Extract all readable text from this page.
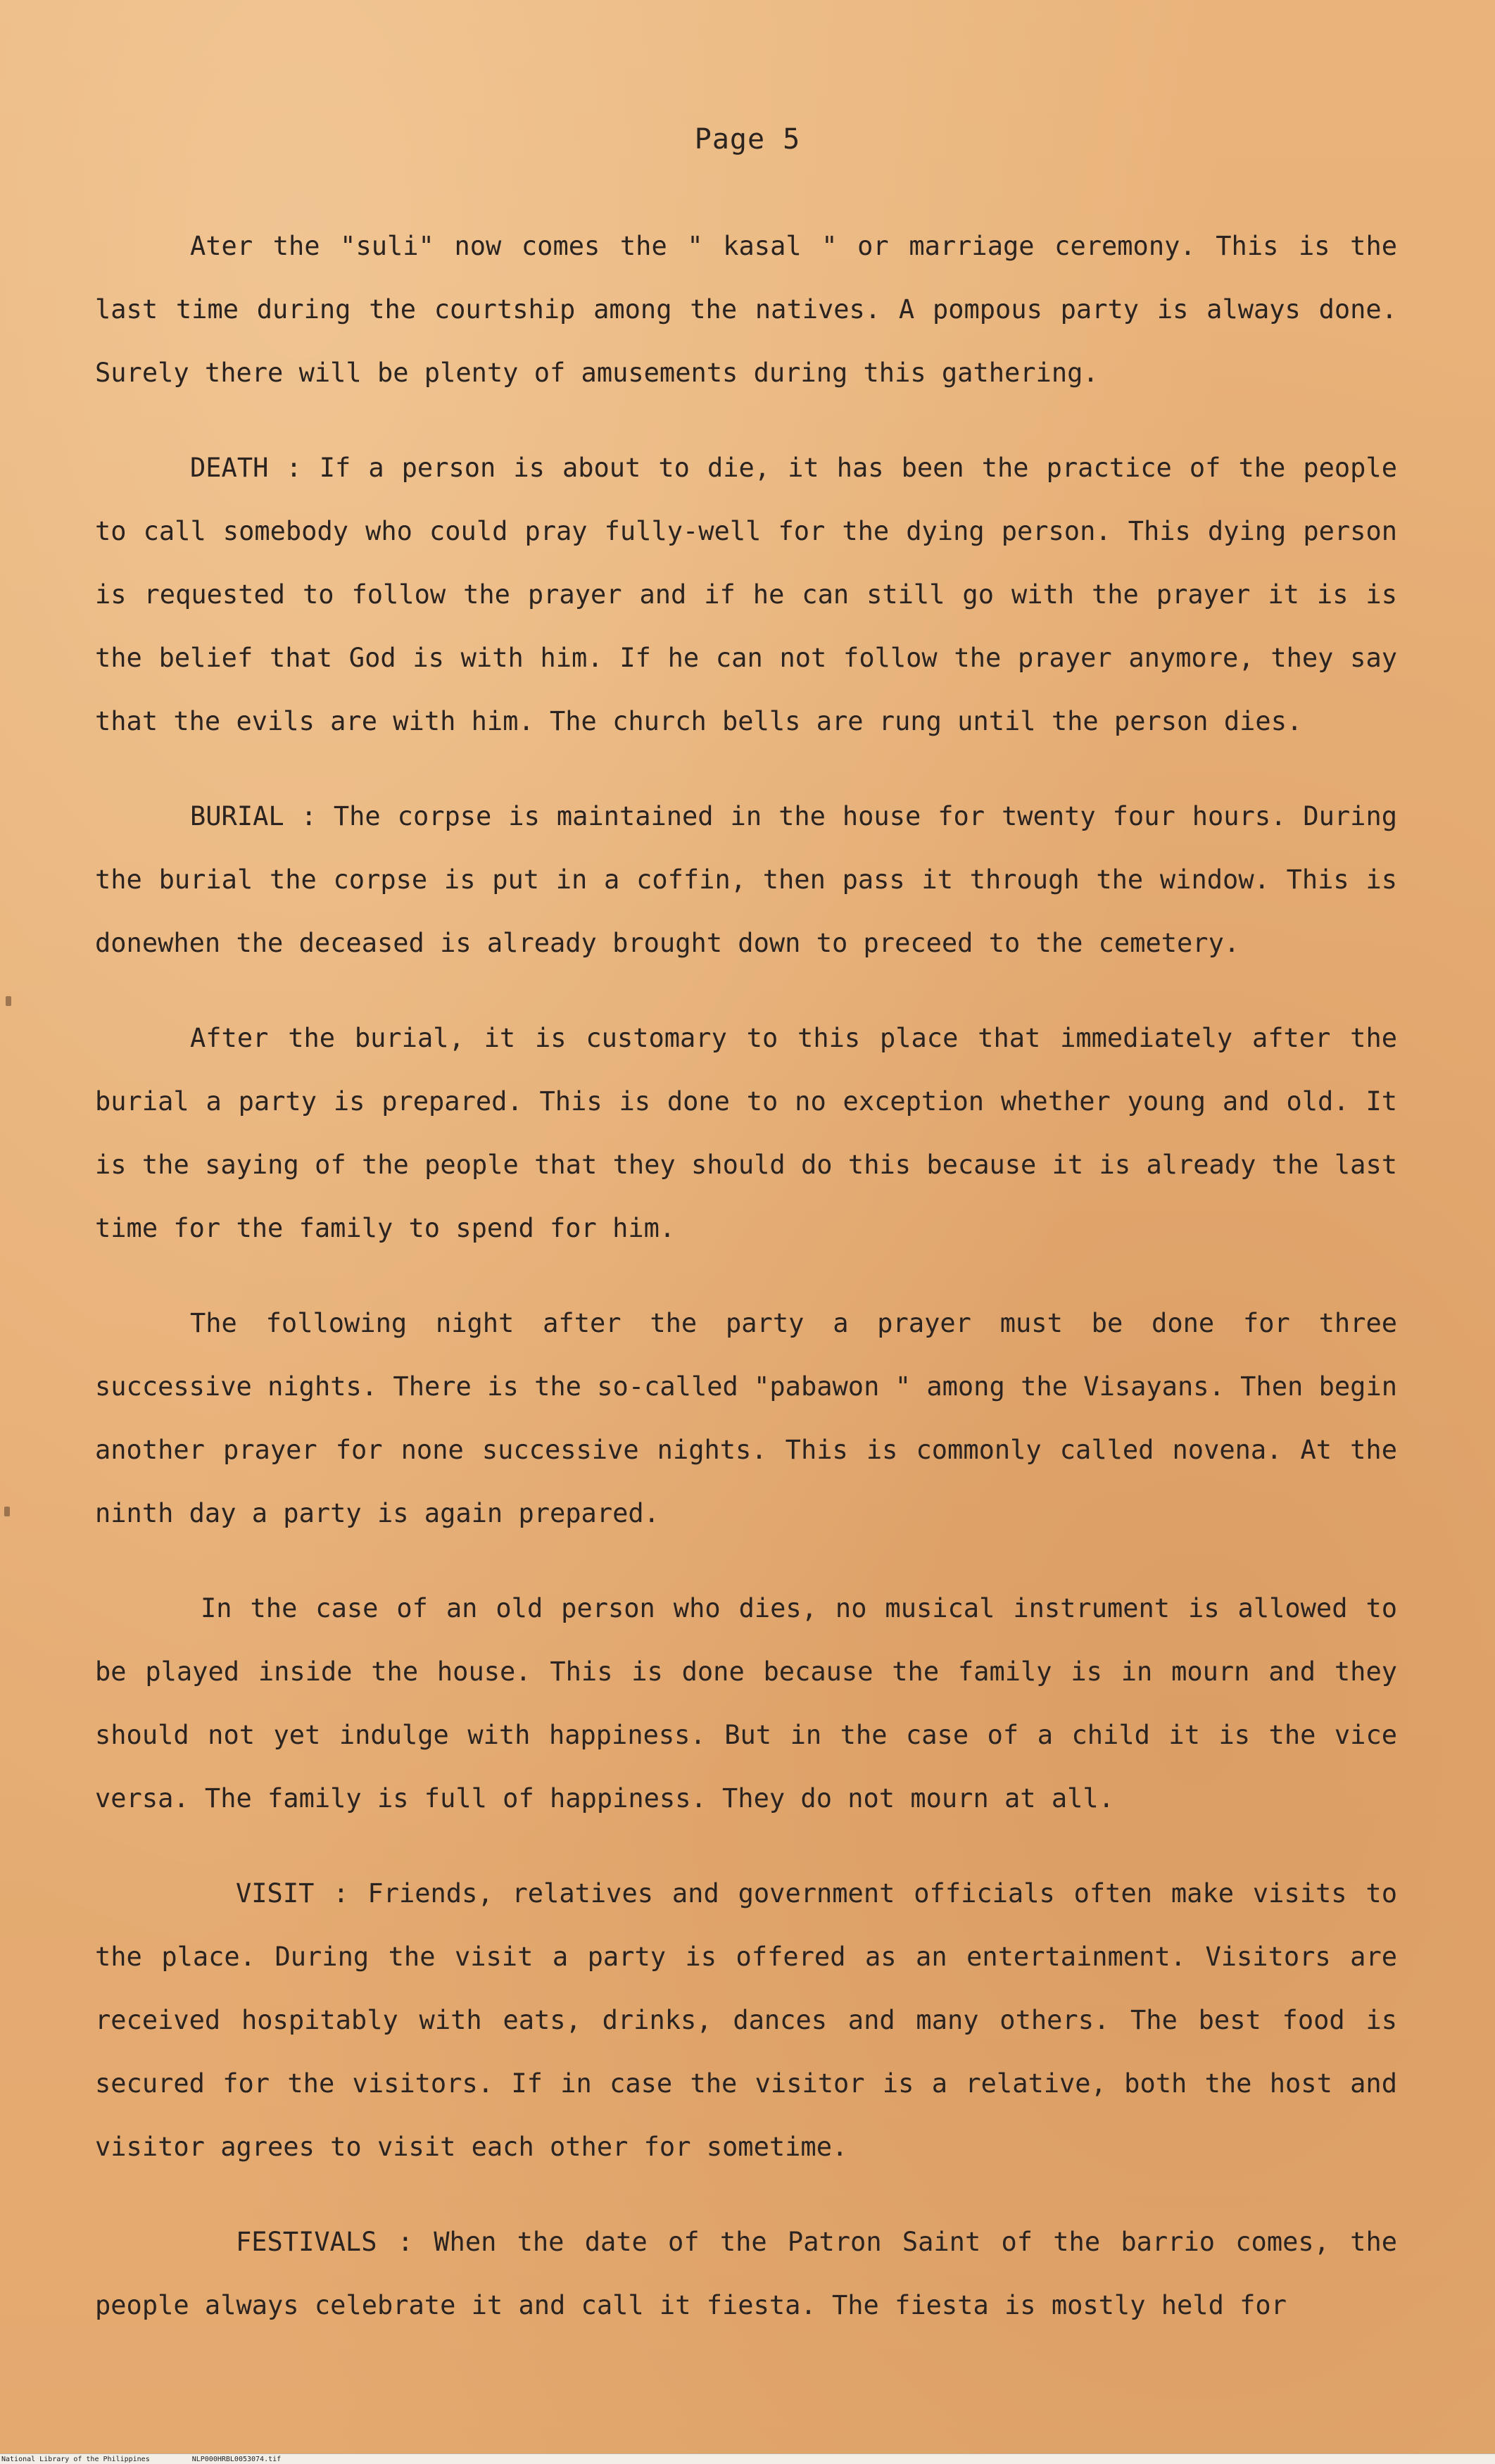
Page 5

Ater the "suli" now comes the " kasal " or marriage ceremony. This is the last time during the courtship among the natives. A pompous party is always done. Surely there will be plenty of amusements during this gathering.

DEATH : If a person is about to die, it has been the practice of the people to call somebody who could pray fully-well for the dying person. This dying person is requested to follow the prayer and if he can still go with the prayer it is is the belief that God is with him. If he can not follow the prayer anymore, they say that the evils are with him. The church bells are rung until the person dies.

BURIAL : The corpse is maintained in the house for twenty four hours. During the burial the corpse is put in a coffin, then pass it through the window. This is donewhen the deceased is already brought down to preceed to the cemetery.

After the burial, it is customary to this place that immediately after the burial a party is prepared. This is done to no exception whether young and old. It is the saying of the people that they should do this because it is already the last time for the family to spend for him.

The following night after the party a prayer must be done for three successive nights. There is the so-called "pabawon " among the Visayans. Then begin another prayer for none successive nights. This is commonly called novena. At the ninth day a party is again prepared.

In the case of an old person who dies, no musical instrument is allowed to be played inside the house. This is done because the family is in mourn and they should not yet indulge with happiness. But in the case of a child it is the vice versa. The family is full of happiness. They do not mourn at all.

VISIT : Friends, relatives and government officials often make visits to the place. During the visit a party is offered as an entertainment. Visitors are received hospitably with eats, drinks, dances and many others. The best food is secured for the visitors. If in case the visitor is a relative, both the host and visitor agrees to visit each other for sometime.

FESTIVALS : When the date of the Patron Saint of the barrio comes, the people always celebrate it and call it fiesta. The fiesta is mostly held for

National Library of the Philippines	NLP000HRBL0053074.tif
